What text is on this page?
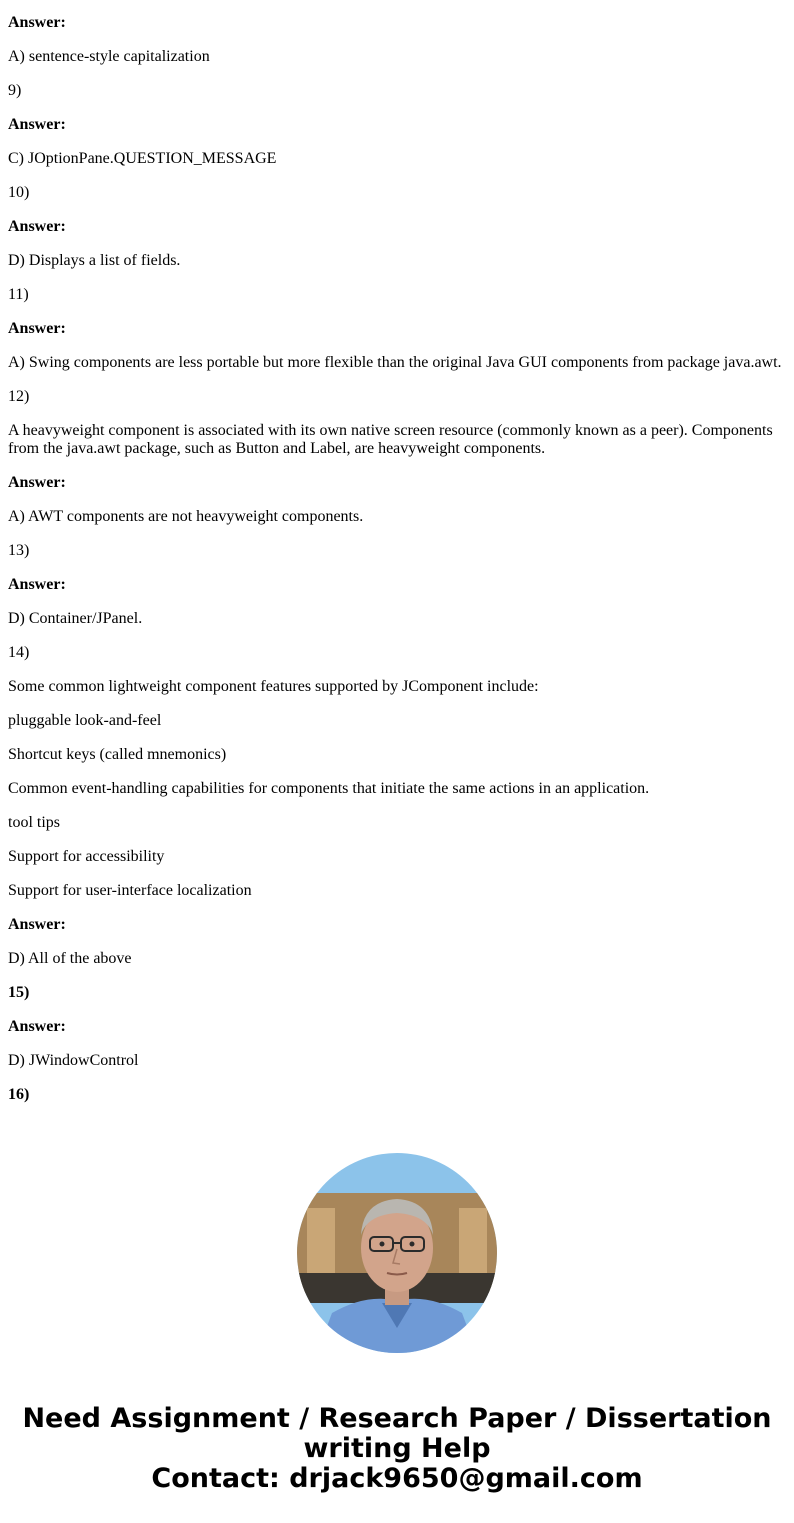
Answer:

A) sentence-style capitalization

9)

Answer:

C) JOptionPane.QUESTION_MESSAGE

10)

Answer:

D) Displays a list of fields.

11)

Answer:

A) Swing components are less portable but more flexible than the original Java GUI components from package java.awt.

12)

A heavyweight component is associated with its own native screen resource (commonly known as a peer). Components from the java.awt package, such as Button and Label, are heavyweight components.

Answer:

A) AWT components are not heavyweight components.

13)

Answer:

D) Container/JPanel.

14)

Some common lightweight component features supported by JComponent include:

pluggable look-and-feel

Shortcut keys (called mnemonics)

Common event-handling capabilities for components that initiate the same actions in an application.

tool tips

Support for accessibility

Support for user-interface localization

Answer:

D) All of the above

15)

Answer:

D) JWindowControl

16)

Need Assignment / Research Paper / Dissertation
writing Help
Contact: drjack9650@gmail.com
